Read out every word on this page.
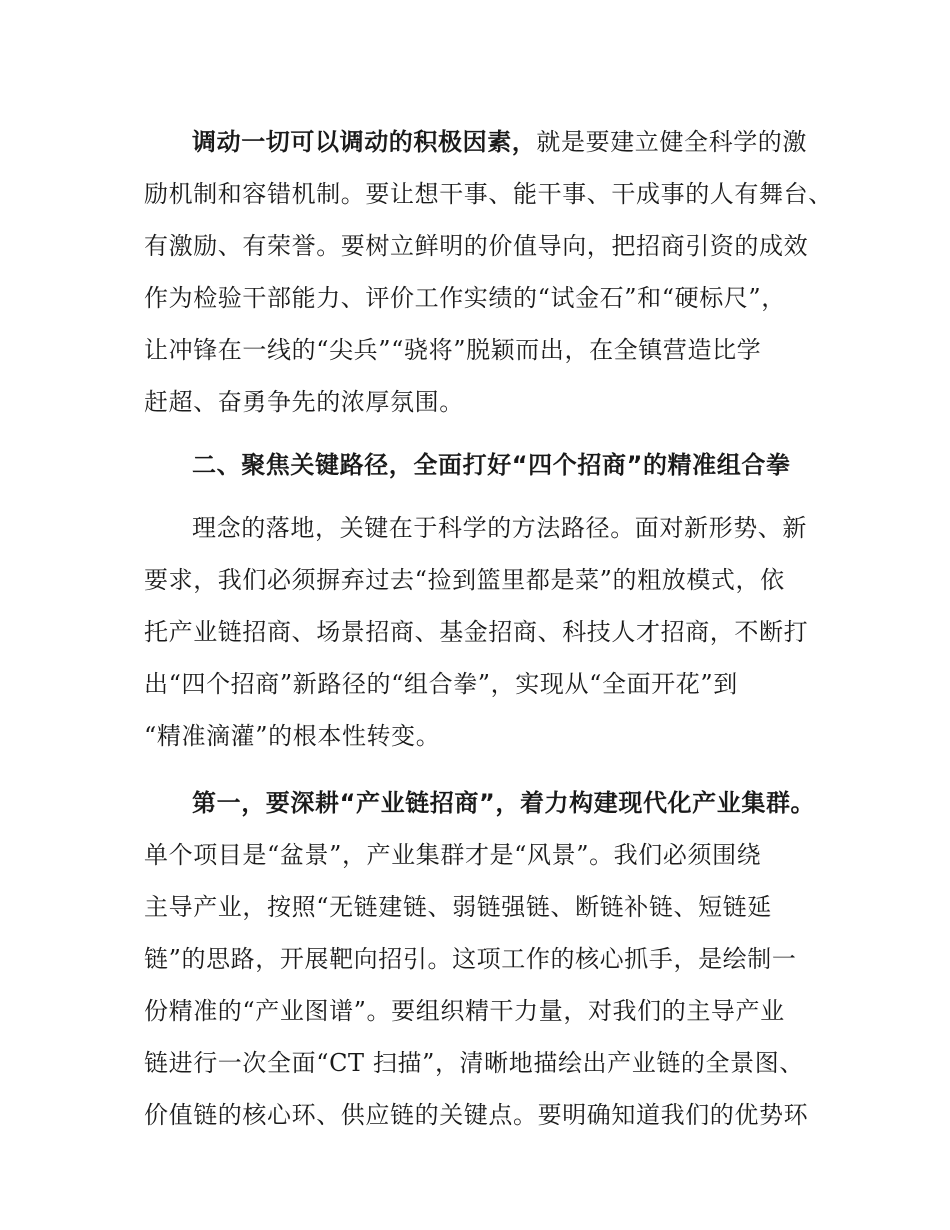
调动一切可以调动的积极因素，就是要建立健全科学的激
励机制和容错机制。要让想干事、能干事、干成事的人有舞台、
有激励、有荣誉。要树立鲜明的价值导向，把招商引资的成效
作为检验干部能力、评价工作实绩的“试金石”和“硬标尺”，
让冲锋在一线的“尖兵”“骁将”脱颖而出，在全镇营造比学
赶超、奋勇争先的浓厚氛围。
二、聚焦关键路径，全面打好“四个招商”的精准组合拳
理念的落地，关键在于科学的方法路径。面对新形势、新
要求，我们必须摒弃过去“捡到篮里都是菜”的粗放模式，依
托产业链招商、场景招商、基金招商、科技人才招商，不断打
出“四个招商”新路径的“组合拳”，实现从“全面开花”到
“精准滴灌”的根本性转变。
第一，要深耕“产业链招商”，着力构建现代化产业集群。
单个项目是“盆景”，产业集群才是“风景”。我们必须围绕
主导产业，按照“无链建链、弱链强链、断链补链、短链延
链”的思路，开展靶向招引。这项工作的核心抓手，是绘制一
份精准的“产业图谱”。要组织精干力量，对我们的主导产业
链进行一次全面“CT 扫描”，清晰地描绘出产业链的全景图、
价值链的核心环、供应链的关键点。要明确知道我们的优势环
